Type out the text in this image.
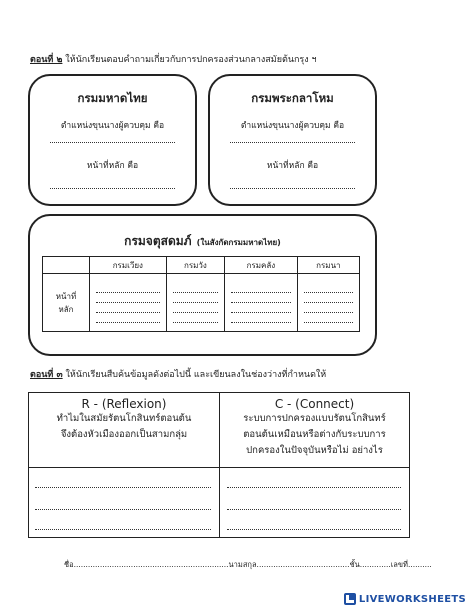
ตอนที่ ๒ ให้นักเรียนตอบคำถามเกี่ยวกับการปกครองส่วนกลางสมัยต้นกรุง ฯ
กรมมหาดไทย
ตำแหน่งขุนนางผู้ควบคุม คือ
หน้าที่หลัก คือ
กรมพระกลาโหม
ตำแหน่งขุนนางผู้ควบคุม คือ
หน้าที่หลัก คือ
กรมจตุสดมภ์ (ในสังกัดกรมมหาดไทย)
	กรมเวียง	กรมวัง	กรมคลัง	กรมนา

หน้าที่
หลัก				

ตอนที่ ๓ ให้นักเรียนสืบค้นข้อมูลดังต่อไปนี้ และเขียนลงในช่องว่างที่กำหนดให้
R - (Reflexion)
ทำไมในสมัยรัตนโกสินทร์ตอนต้น
จึงต้องหัวเมืองออกเป็นสามกลุ่ม
C - (Connect)
ระบบการปกครองแบบรัตนโกสินทร์
ตอนต้นเหมือนหรือต่างกับระบบการ
ปกครองในปัจจุบันหรือไม่ อย่างไร
ชื่อ.................................................................นามสกุล.......................................ชั้น.............เลขที่..........
LIVEWORKSHEETS
